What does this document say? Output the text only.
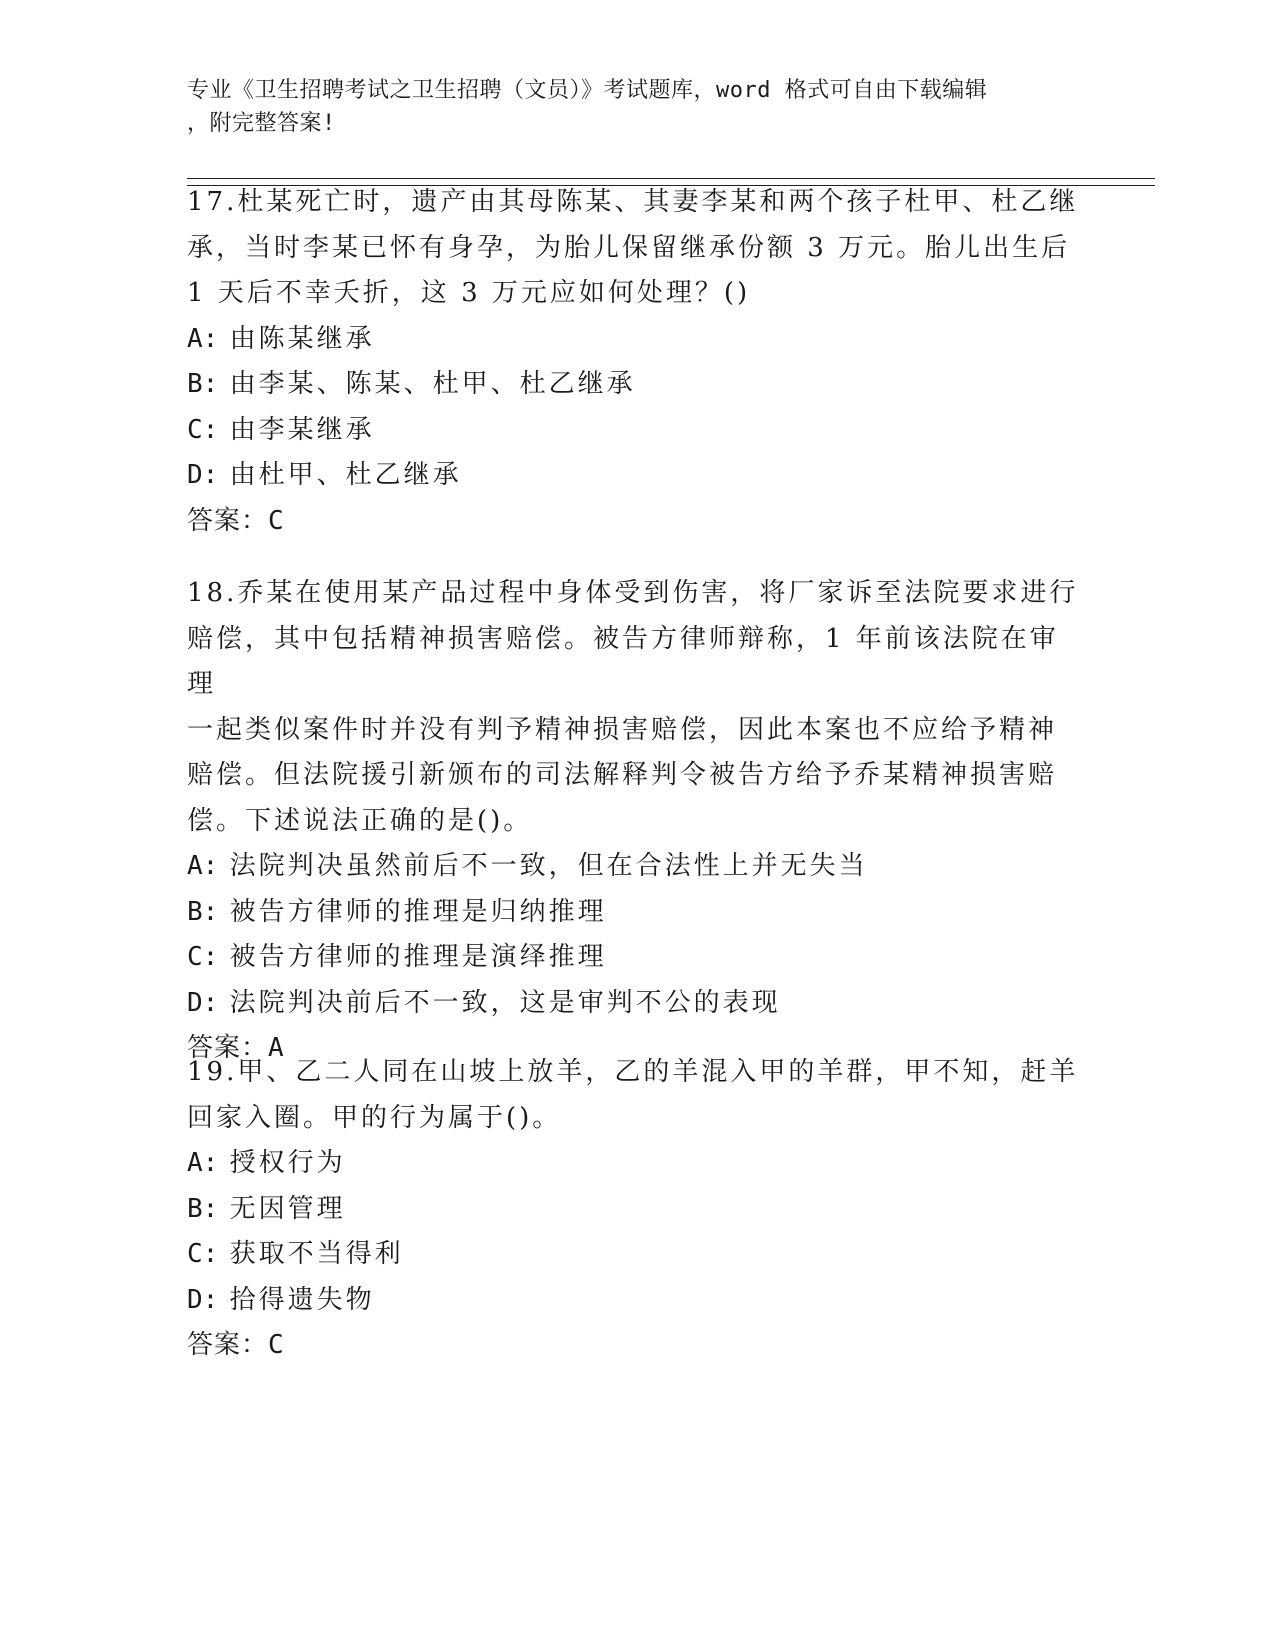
专业《卫生招聘考试之卫生招聘（文员）》考试题库，word 格式可自由下载编辑
，附完整答案!

17.杜某死亡时，遗产由其母陈某、其妻李某和两个孩子杜甲、杜乙继

承，当时李某已怀有身孕，为胎儿保留继承份额 3 万元。胎儿出生后

1 天后不幸夭折，这 3 万元应如何处理？()

A: 由陈某继承

B: 由李某、陈某、杜甲、杜乙继承

C: 由李某继承

D: 由杜甲、杜乙继承

答案：C

18.乔某在使用某产品过程中身体受到伤害，将厂家诉至法院要求进行

赔偿，其中包括精神损害赔偿。被告方律师辩称，1 年前该法院在审理

一起类似案件时并没有判予精神损害赔偿，因此本案也不应给予精神

赔偿。但法院援引新颁布的司法解释判令被告方给予乔某精神损害赔

偿。下述说法正确的是()。

A: 法院判决虽然前后不一致，但在合法性上并无失当

B: 被告方律师的推理是归纳推理

C: 被告方律师的推理是演绎推理

D: 法院判决前后不一致，这是审判不公的表现

答案：A

19.甲、乙二人同在山坡上放羊，乙的羊混入甲的羊群，甲不知，赶羊

回家入圈。甲的行为属于()。

A: 授权行为

B: 无因管理

C: 获取不当得利

D: 拾得遗失物

答案：C
